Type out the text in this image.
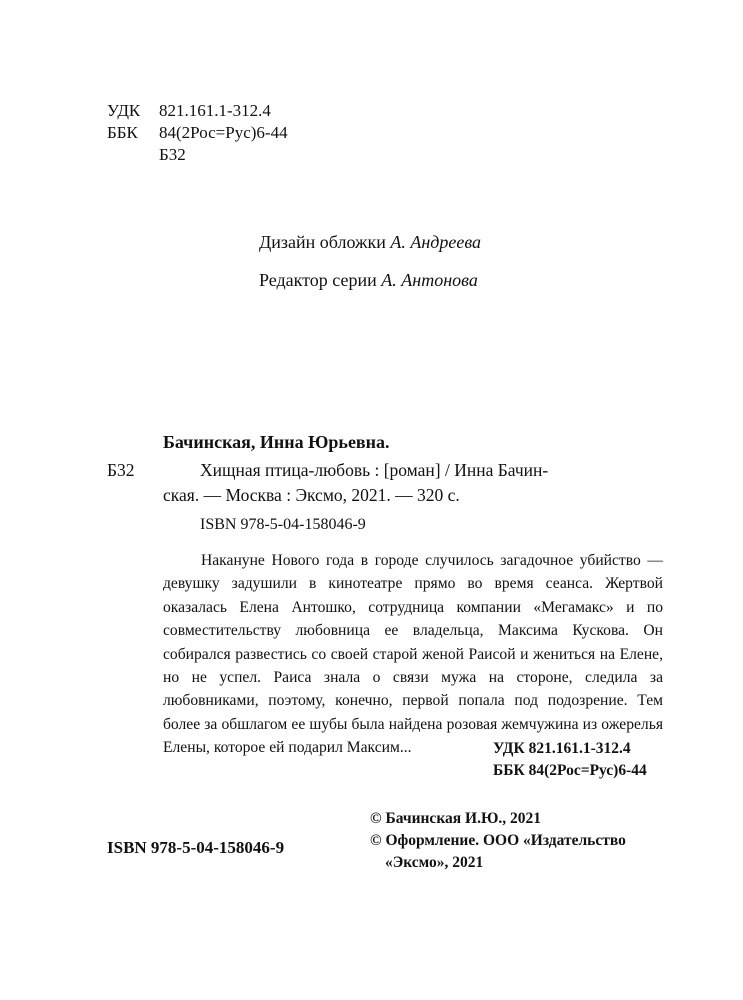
УДК 821.161.1-312.4
ББК 84(2Рос=Рус)6-44
Б32
Дизайн обложки А. Андреева
Редактор серии А. Антонова
Бачинская, Инна Юрьевна.
Б32	Хищная птица-любовь : [роман] / Инна Бачин-
ская. — Москва : Эксмо, 2021. — 320 с.
ISBN 978-5-04-158046-9

Накануне Нового года в городе случилось загадочное убийство — девушку задушили в кинотеатре прямо во время сеанса. Жертвой оказалась Елена Антошко, сотрудница компании «Мегамакс» и по совместительству любовница ее владельца, Максима Кускова. Он собирался развестись со своей старой женой Раисой и жениться на Елене, но не успел. Раиса знала о связи мужа на стороне, следила за любовниками, поэтому, конечно, первой попала под подозрение. Тем более за обшлагом ее шубы была найдена розовая жемчужина из ожерелья Елены, которое ей подарил Максим...	УДК 821.161.1-312.4
ББК 84(2Рос=Рус)6-44
© Бачинская И.Ю., 2021
© Оформление. ООО «Издательство
«Эксмо», 2021
ISBN 978-5-04-158046-9
